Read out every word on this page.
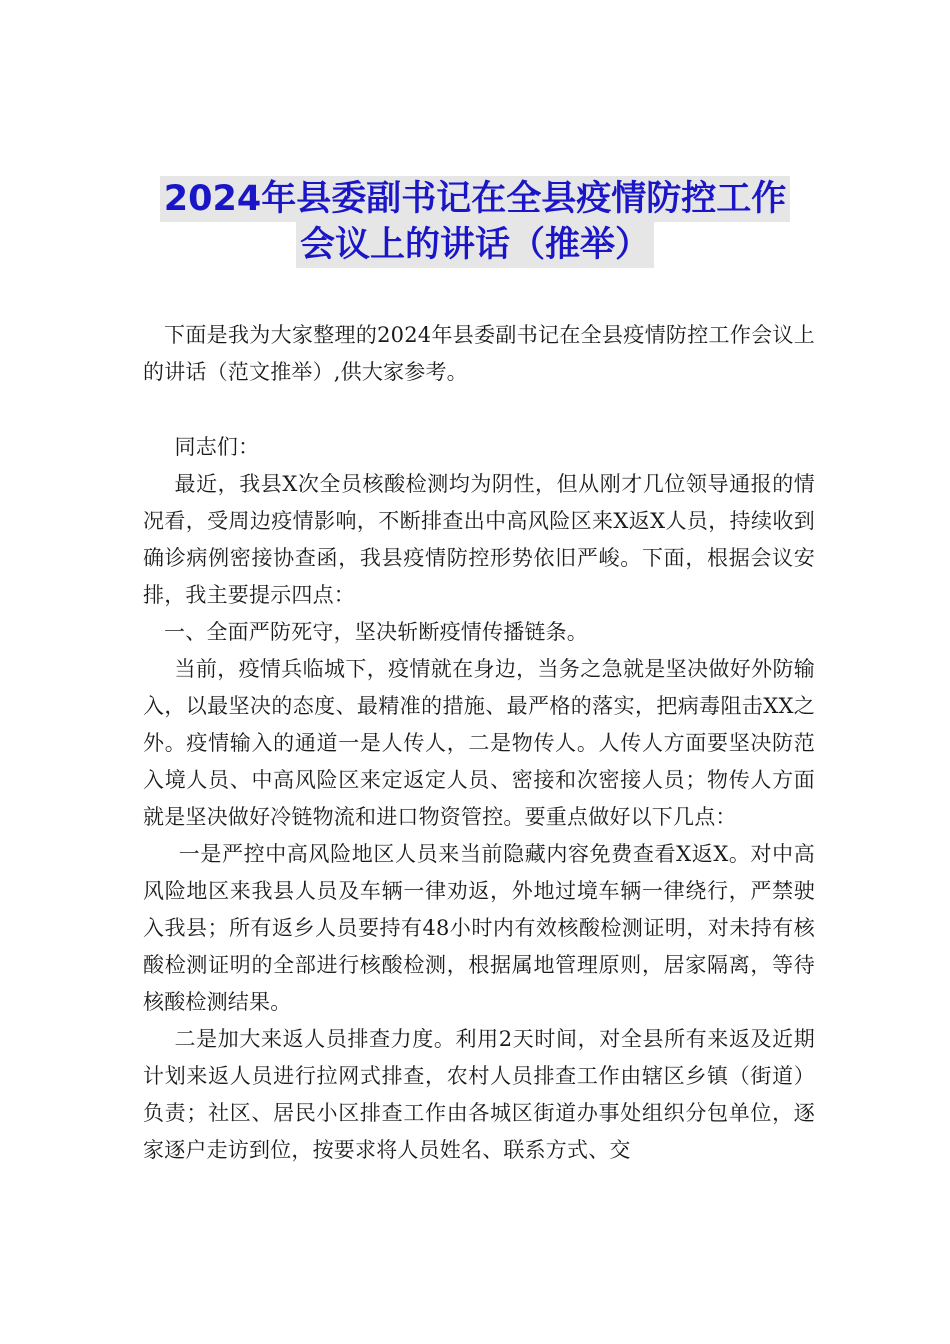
2024年县委副书记在全县疫情防控工作
会议上的讲话（推举）

下面是我为大家整理的2024年县委副书记在全县疫情防控工作会议上的讲话（范文推举）,供大家参考。

同志们：

最近，我县X次全员核酸检测均为阴性，但从刚才几位领导通报的情况看，受周边疫情影响，不断排查出中高风险区来X返X人员，持续收到确诊病例密接协查函，我县疫情防控形势依旧严峻。下面，根据会议安排，我主要提示四点：

一、全面严防死守，坚决斩断疫情传播链条。

当前，疫情兵临城下，疫情就在身边，当务之急就是坚决做好外防输入，以最坚决的态度、最精准的措施、最严格的落实，把病毒阻击XX之外。疫情输入的通道一是人传人，二是物传人。人传人方面要坚决防范入境人员、中高风险区来定返定人员、密接和次密接人员；物传人方面就是坚决做好冷链物流和进口物资管控。要重点做好以下几点：

一是严控中高风险地区人员来当前隐藏内容免费查看X返X。对中高风险地区来我县人员及车辆一律劝返，外地过境车辆一律绕行，严禁驶入我县；所有返乡人员要持有48小时内有效核酸检测证明，对未持有核酸检测证明的全部进行核酸检测，根据属地管理原则，居家隔离，等待核酸检测结果。

二是加大来返人员排查力度。利用2天时间，对全县所有来返及近期计划来返人员进行拉网式排查，农村人员排查工作由辖区乡镇（街道）负责；社区、居民小区排查工作由各城区街道办事处组织分包单位，逐家逐户走访到位，按要求将人员姓名、联系方式、交
